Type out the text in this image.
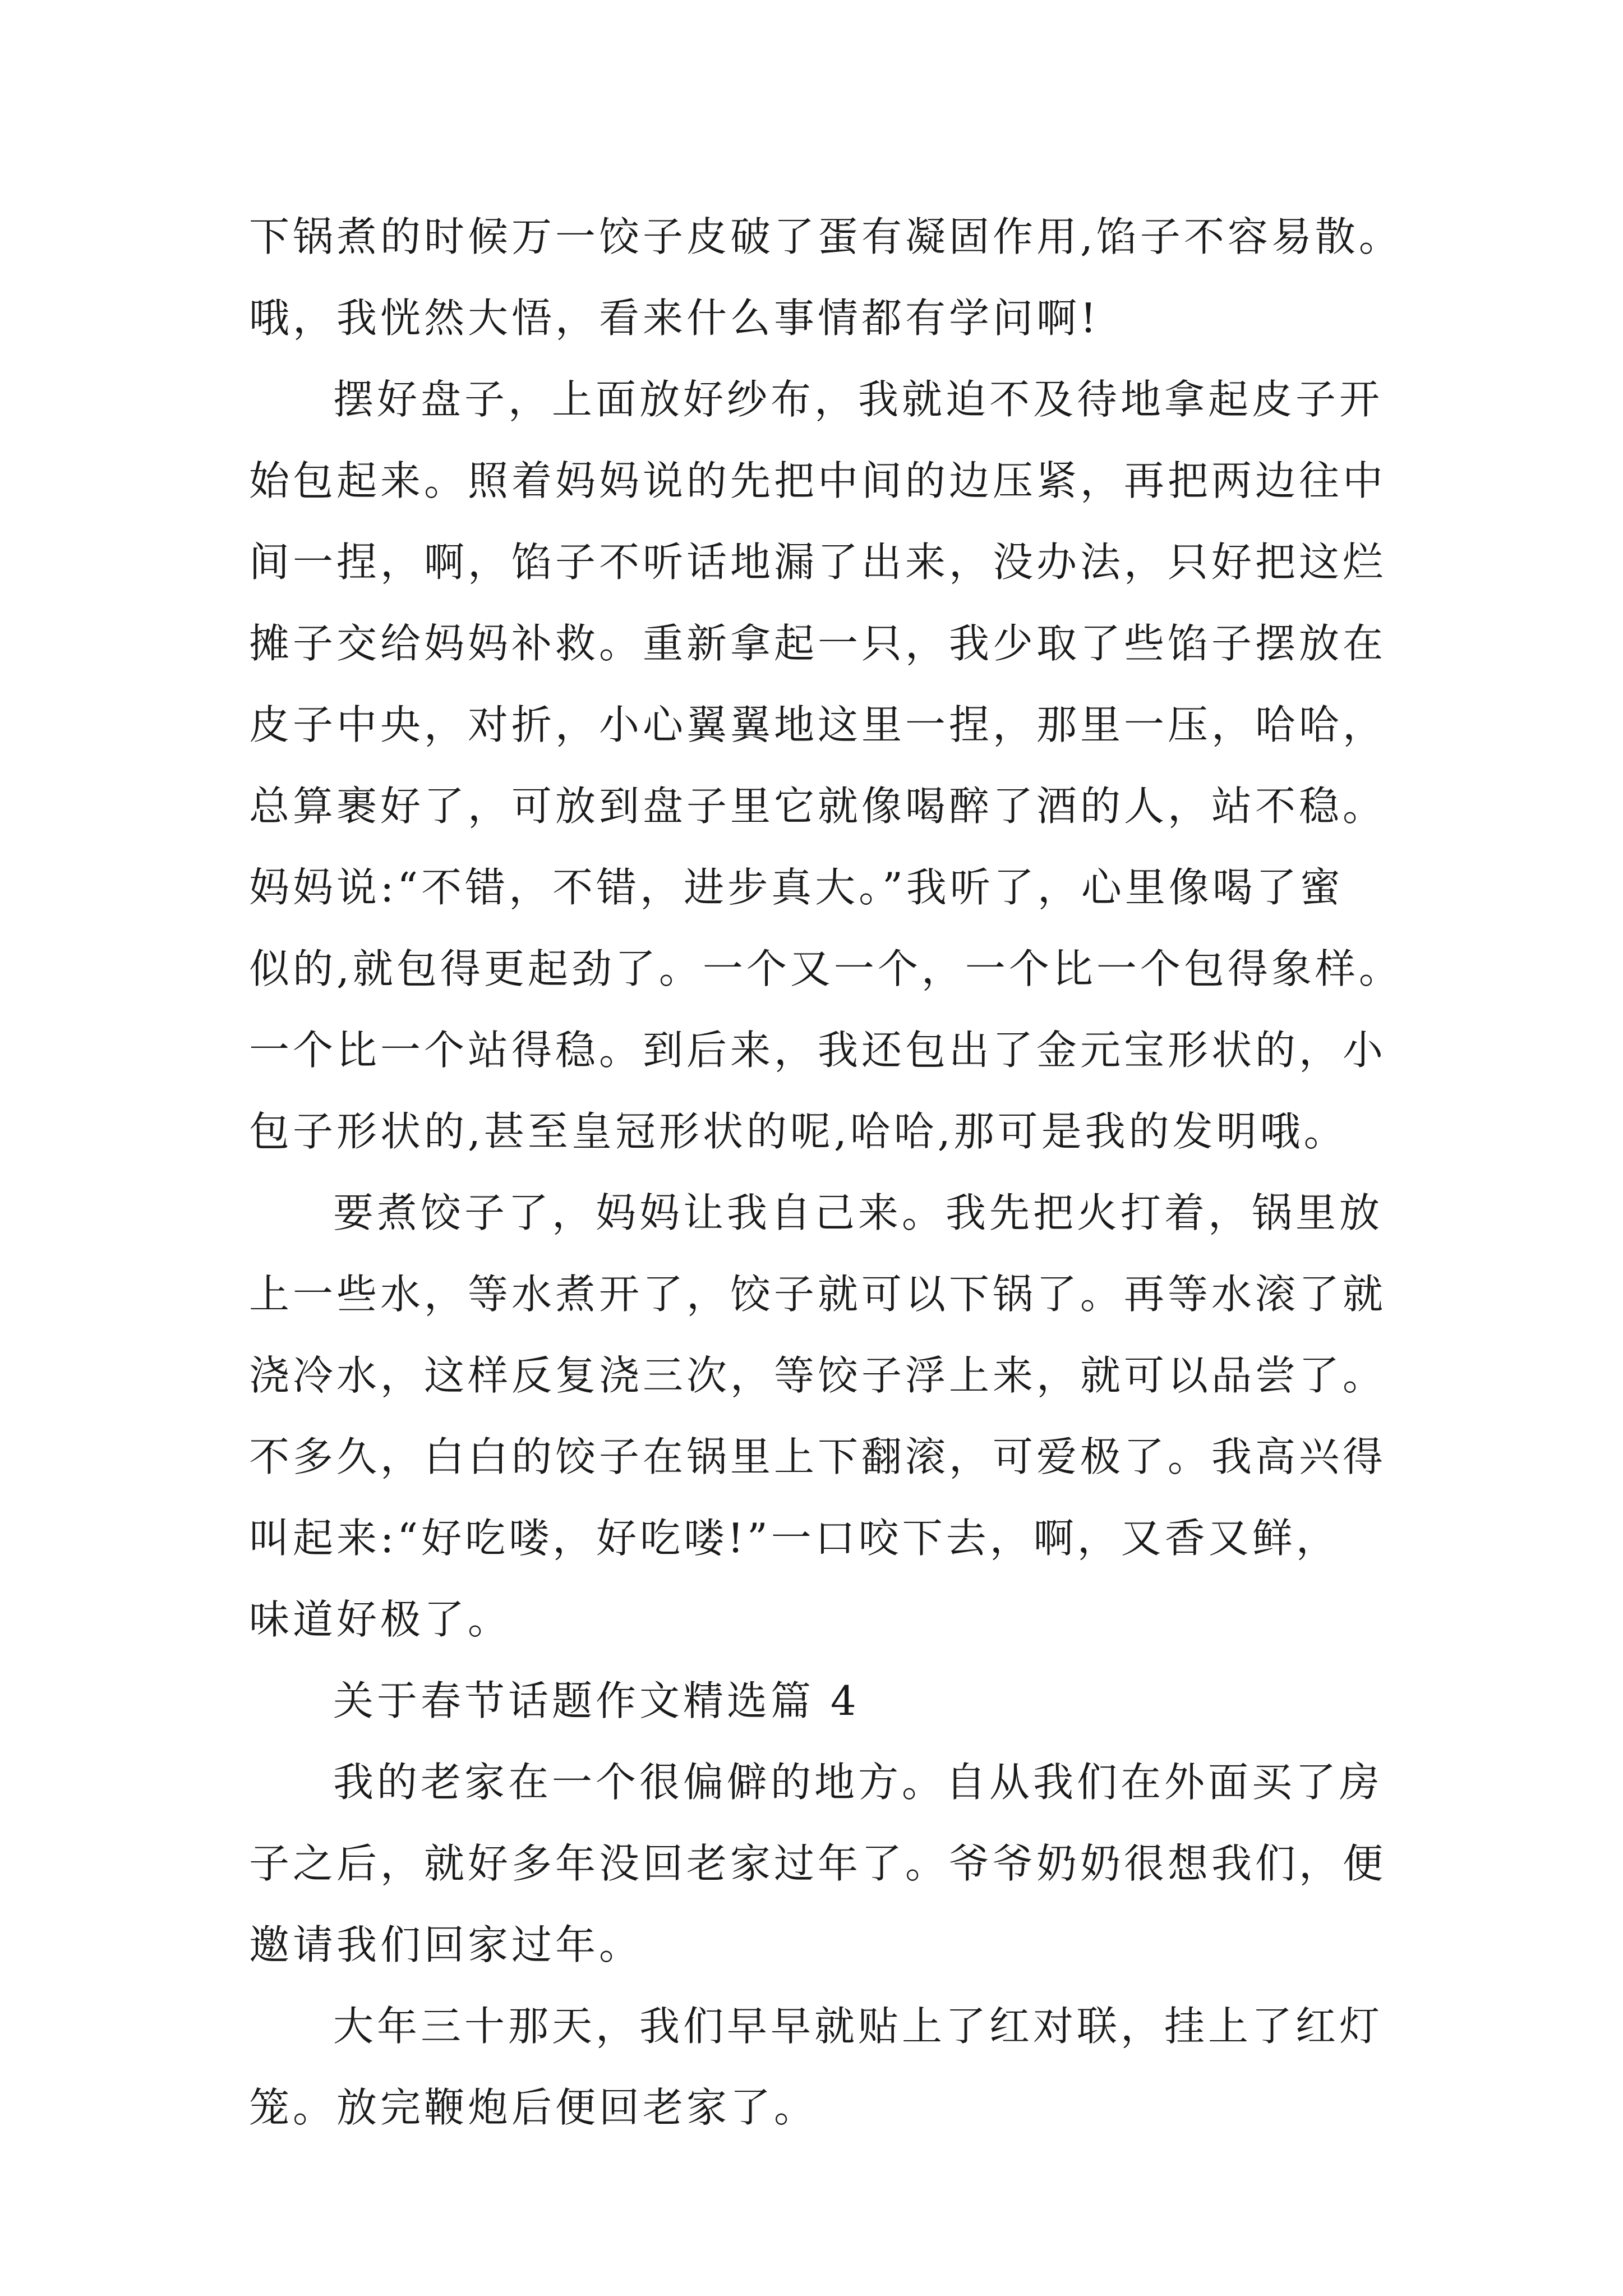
下锅煮的时候万一饺子皮破了蛋有凝固作用,馅子不容易散。
哦，我恍然大悟，看来什么事情都有学问啊!
摆好盘子，上面放好纱布，我就迫不及待地拿起皮子开
始包起来。照着妈妈说的先把中间的边压紧，再把两边往中
间一捏，啊，馅子不听话地漏了出来，没办法，只好把这烂
摊子交给妈妈补救。重新拿起一只，我少取了些馅子摆放在
皮子中央，对折，小心翼翼地这里一捏，那里一压，哈哈，
总算裹好了，可放到盘子里它就像喝醉了酒的人，站不稳。
妈妈说:“不错，不错，进步真大。”我听了，心里像喝了蜜
似的,就包得更起劲了。一个又一个，一个比一个包得象样。
一个比一个站得稳。到后来，我还包出了金元宝形状的，小
包子形状的,甚至皇冠形状的呢,哈哈,那可是我的发明哦。
要煮饺子了，妈妈让我自己来。我先把火打着，锅里放
上一些水，等水煮开了，饺子就可以下锅了。再等水滚了就
浇冷水，这样反复浇三次，等饺子浮上来，就可以品尝了。
不多久，白白的饺子在锅里上下翻滚，可爱极了。我高兴得
叫起来:“好吃喽，好吃喽!”一口咬下去，啊，又香又鲜，
味道好极了。
关于春节话题作文精选篇 4
我的老家在一个很偏僻的地方。自从我们在外面买了房
子之后，就好多年没回老家过年了。爷爷奶奶很想我们，便
邀请我们回家过年。
大年三十那天，我们早早就贴上了红对联，挂上了红灯
笼。放完鞭炮后便回老家了。
